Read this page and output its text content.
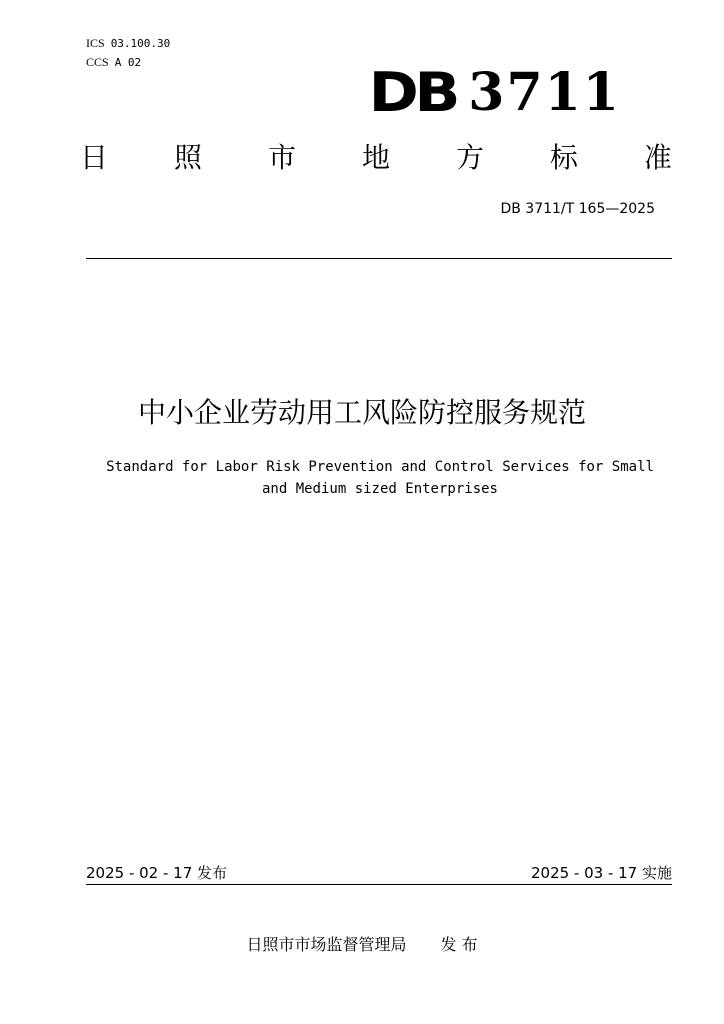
ICS 03.100.30
CCS A 02	DB 3711
日 照 市 地 方 标 准
DB 3711/T 165—2025
中小企业劳动用工风险防控服务规范
Standard for Labor Risk Prevention and Control Services for Small
and Medium sized Enterprises
2025 - 02 - 17 发布	2025 - 03 - 17 实施
日照市市场监督管理局 发 布
